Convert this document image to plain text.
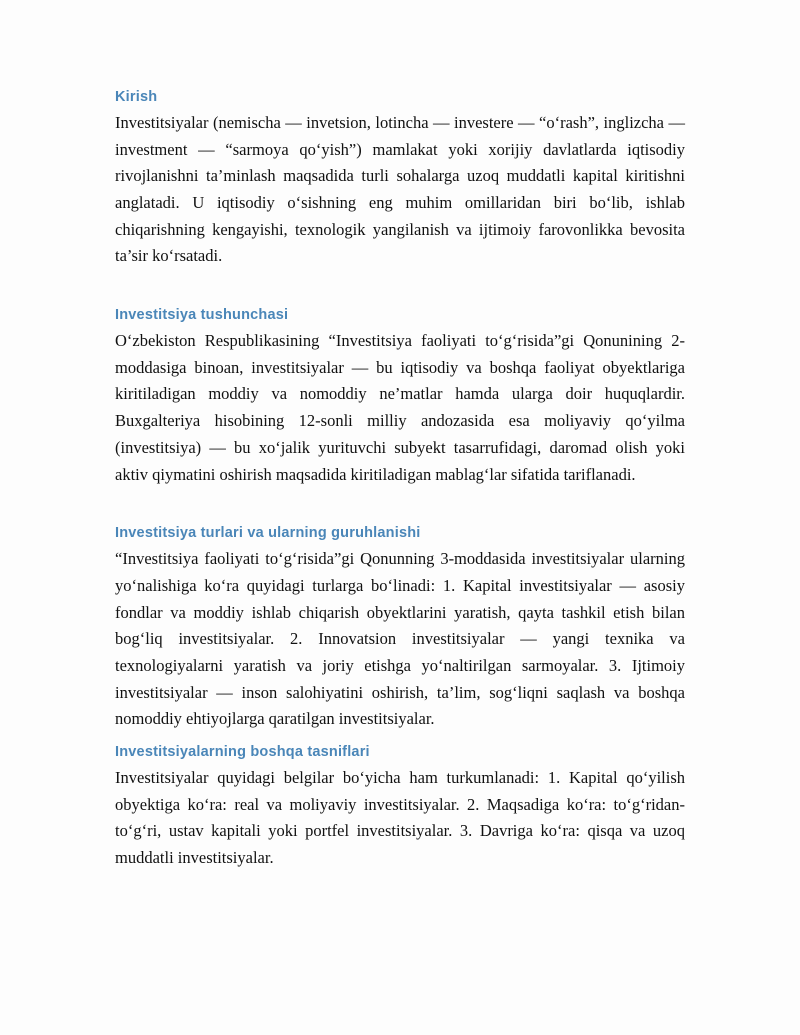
Kirish

Investitsiyalar (nemischa — invetsion, lotincha — investere — “o‘rash”, inglizcha — investment — “sarmoya qo‘yish”) mamlakat yoki xorijiy davlatlarda iqtisodiy rivojlanishni ta’minlash maqsadida turli sohalarga uzoq muddatli kapital kiritishni anglatadi. U iqtisodiy o‘sishning eng muhim omillaridan biri bo‘lib, ishlab chiqarishning kengayishi, texnologik yangilanish va ijtimoiy farovonlikka bevosita ta’sir ko‘rsatadi.

Investitsiya tushunchasi

O‘zbekiston Respublikasining “Investitsiya faoliyati to‘g‘risida”gi Qonunining 2-moddasiga binoan, investitsiyalar — bu iqtisodiy va boshqa faoliyat obyektlariga kiritiladigan moddiy va nomoddiy ne’matlar hamda ularga doir huquqlardir. Buxgalteriya hisobining 12-sonli milliy andozasida esa moliyaviy qo‘yilma (investitsiya) — bu xo‘jalik yurituvchi subyekt tasarrufidagi, daromad olish yoki aktiv qiymatini oshirish maqsadida kiritiladigan mablag‘lar sifatida tariflanadi.

Investitsiya turlari va ularning guruhlanishi

“Investitsiya faoliyati to‘g‘risida”gi Qonunning 3-moddasida investitsiyalar ularning yo‘nalishiga ko‘ra quyidagi turlarga bo‘linadi: 1. Kapital investitsiyalar — asosiy fondlar va moddiy ishlab chiqarish obyektlarini yaratish, qayta tashkil etish bilan bog‘liq investitsiyalar. 2. Innovatsion investitsiyalar — yangi texnika va texnologiyalarni yaratish va joriy etishga yo‘naltirilgan sarmoyalar. 3. Ijtimoiy investitsiyalar — inson salohiyatini oshirish, ta’lim, sog‘liqni saqlash va boshqa nomoddiy ehtiyojlarga qaratilgan investitsiyalar.

Investitsiyalarning boshqa tasniflari

Investitsiyalar quyidagi belgilar bo‘yicha ham turkumlanadi: 1. Kapital qo‘yilish obyektiga ko‘ra: real va moliyaviy investitsiyalar. 2. Maqsadiga ko‘ra: to‘g‘ridan-to‘g‘ri, ustav kapitali yoki portfel investitsiyalar. 3. Davriga ko‘ra: qisqa va uzoq muddatli investitsiyalar.
